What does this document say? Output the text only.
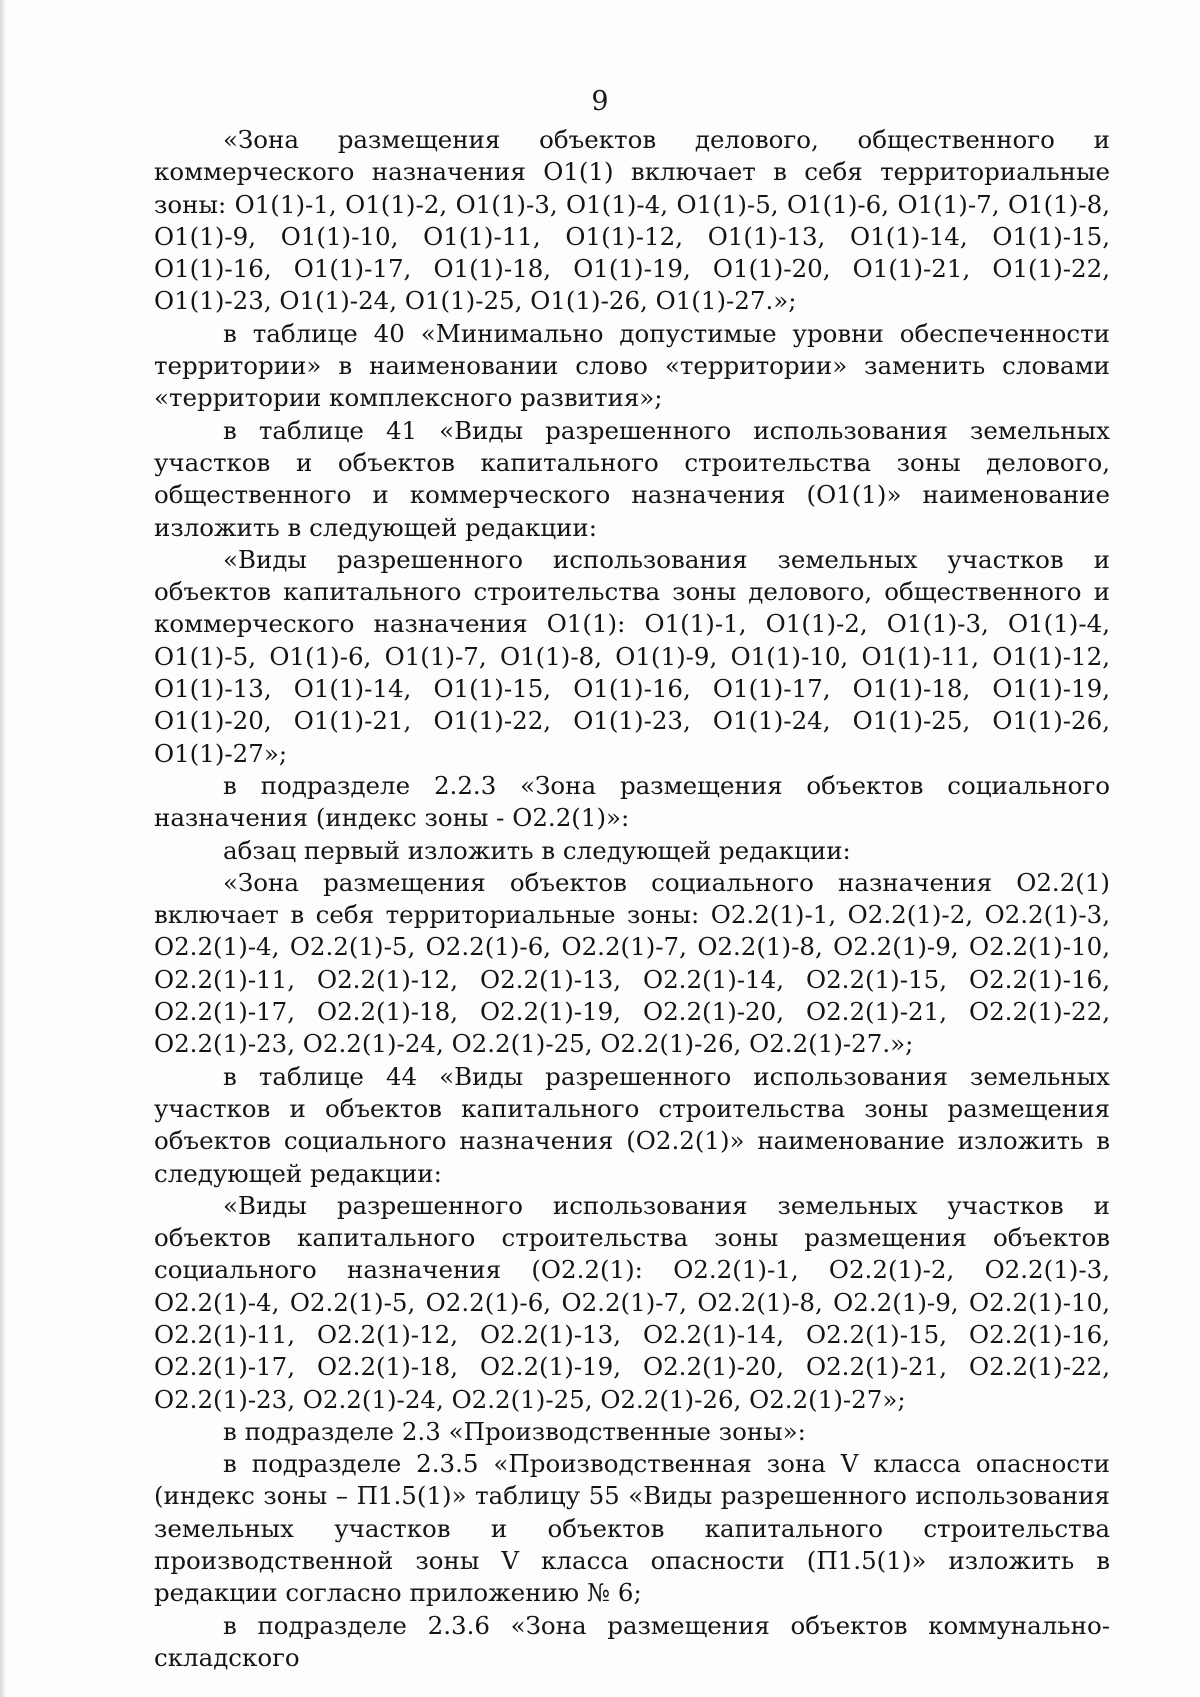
9

«Зона размещения объектов делового, общественного и коммерческого назначения О1(1) включает в себя территориальные зоны: О1(1)-1, О1(1)-2, О1(1)-3, О1(1)-4, О1(1)-5, О1(1)-6, О1(1)-7, О1(1)-8, О1(1)-9, О1(1)-10, О1(1)-11, О1(1)-12, О1(1)-13, О1(1)-14, О1(1)-15, О1(1)-16, О1(1)-17, О1(1)-18, О1(1)-19, О1(1)-20, О1(1)-21, О1(1)-22, О1(1)-23, О1(1)-24, О1(1)-25, О1(1)-26, О1(1)-27.»;

в таблице 40 «Минимально допустимые уровни обеспеченности территории» в наименовании слово «территории» заменить словами «территории комплексного развития»;

в таблице 41 «Виды разрешенного использования земельных участков и объектов капитального строительства зоны делового, общественного и коммерческого назначения (О1(1)» наименование изложить в следующей редакции:

«Виды разрешенного использования земельных участков и объектов капитального строительства зоны делового, общественного и коммерческого назначения О1(1): О1(1)-1, О1(1)-2, О1(1)-3, О1(1)-4, О1(1)-5, О1(1)-6, О1(1)-7, О1(1)-8, О1(1)-9, О1(1)-10, О1(1)-11, О1(1)-12, О1(1)-13, О1(1)-14, О1(1)-15, О1(1)-16, О1(1)-17, О1(1)-18, О1(1)-19, О1(1)-20, О1(1)-21, О1(1)-22, О1(1)-23, О1(1)-24, О1(1)-25, О1(1)-26, О1(1)-27»;

в подразделе 2.2.3 «Зона размещения объектов социального назначения (индекс зоны - О2.2(1)»:

абзац первый изложить в следующей редакции:

«Зона размещения объектов социального назначения О2.2(1) включает в себя территориальные зоны: О2.2(1)-1, О2.2(1)-2, О2.2(1)-3, О2.2(1)-4, О2.2(1)-5, О2.2(1)-6, О2.2(1)-7, О2.2(1)-8, О2.2(1)-9, О2.2(1)-10, О2.2(1)-11, О2.2(1)-12, О2.2(1)-13, О2.2(1)-14, О2.2(1)-15, О2.2(1)-16, О2.2(1)-17, О2.2(1)-18, О2.2(1)-19, О2.2(1)-20, О2.2(1)-21, О2.2(1)-22, О2.2(1)-23, О2.2(1)-24, О2.2(1)-25, О2.2(1)-26, О2.2(1)-27.»;

в таблице 44 «Виды разрешенного использования земельных участков и объектов капитального строительства зоны размещения объектов социального назначения (О2.2(1)» наименование изложить в следующей редакции:

«Виды разрешенного использования земельных участков и объектов капитального строительства зоны размещения объектов социального назначения (О2.2(1): О2.2(1)-1, О2.2(1)-2, О2.2(1)-3, О2.2(1)-4, О2.2(1)-5, О2.2(1)-6, О2.2(1)-7, О2.2(1)-8, О2.2(1)-9, О2.2(1)-10, О2.2(1)-11, О2.2(1)-12, О2.2(1)-13, О2.2(1)-14, О2.2(1)-15, О2.2(1)-16, О2.2(1)-17, О2.2(1)-18, О2.2(1)-19, О2.2(1)-20, О2.2(1)-21, О2.2(1)-22, О2.2(1)-23, О2.2(1)-24, О2.2(1)-25, О2.2(1)-26, О2.2(1)-27»;

в подразделе 2.3 «Производственные зоны»:

в подразделе 2.3.5 «Производственная зона V класса опасности (индекс зоны – П1.5(1)» таблицу 55 «Виды разрешенного использования земельных участков и объектов капитального строительства производственной зоны V класса опасности (П1.5(1)» изложить в редакции согласно приложению № 6;

в подразделе 2.3.6 «Зона размещения объектов коммунально-складского
